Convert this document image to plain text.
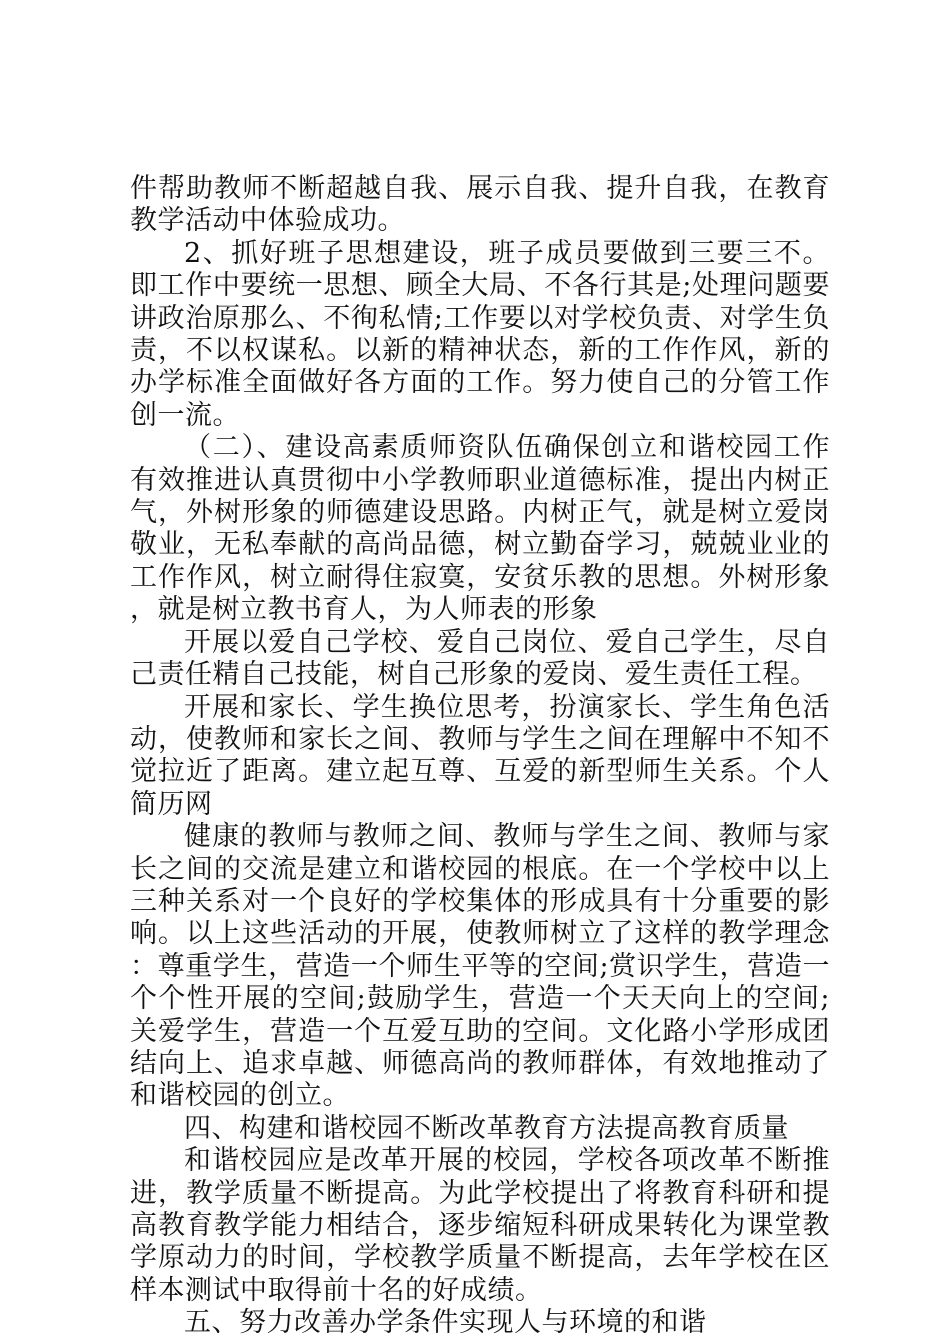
件帮助教师不断超越自我、展示自我、提升自我，在教育教学活动中体验成功。

2、抓好班子思想建设，班子成员要做到三要三不。即工作中要统一思想、顾全大局、不各行其是;处理问题要讲政治原那么、不徇私情;工作要以对学校负责、对学生负责，不以权谋私。以新的精神状态，新的工作作风，新的办学标准全面做好各方面的工作。努力使自己的分管工作创一流。

（二）、建设高素质师资队伍确保创立和谐校园工作有效推进认真贯彻中小学教师职业道德标准，提出内树正气，外树形象的师德建设思路。内树正气，就是树立爱岗敬业，无私奉献的高尚品德，树立勤奋学习，兢兢业业的工作作风，树立耐得住寂寞，安贫乐教的思想。外树形象，就是树立教书育人，为人师表的形象

开展以爱自己学校、爱自己岗位、爱自己学生，尽自己责任精自己技能，树自己形象的爱岗、爱生责任工程。

开展和家长、学生换位思考，扮演家长、学生角色活动，使教师和家长之间、教师与学生之间在理解中不知不觉拉近了距离。建立起互尊、互爱的新型师生关系。个人简历网

健康的教师与教师之间、教师与学生之间、教师与家长之间的交流是建立和谐校园的根底。在一个学校中以上三种关系对一个良好的学校集体的形成具有十分重要的影响。以上这些活动的开展，使教师树立了这样的教学理念：尊重学生，营造一个师生平等的空间;赏识学生，营造一个个性开展的空间;鼓励学生，营造一个天天向上的空间;关爱学生，营造一个互爱互助的空间。文化路小学形成团结向上、追求卓越、师德高尚的教师群体，有效地推动了和谐校园的创立。

四、构建和谐校园不断改革教育方法提高教育质量

和谐校园应是改革开展的校园，学校各项改革不断推进，教学质量不断提高。为此学校提出了将教育科研和提高教育教学能力相结合，逐步缩短科研成果转化为课堂教学原动力的时间，学校教学质量不断提高，去年学校在区样本测试中取得前十名的好成绩。

五、努力改善办学条件实现人与环境的和谐
